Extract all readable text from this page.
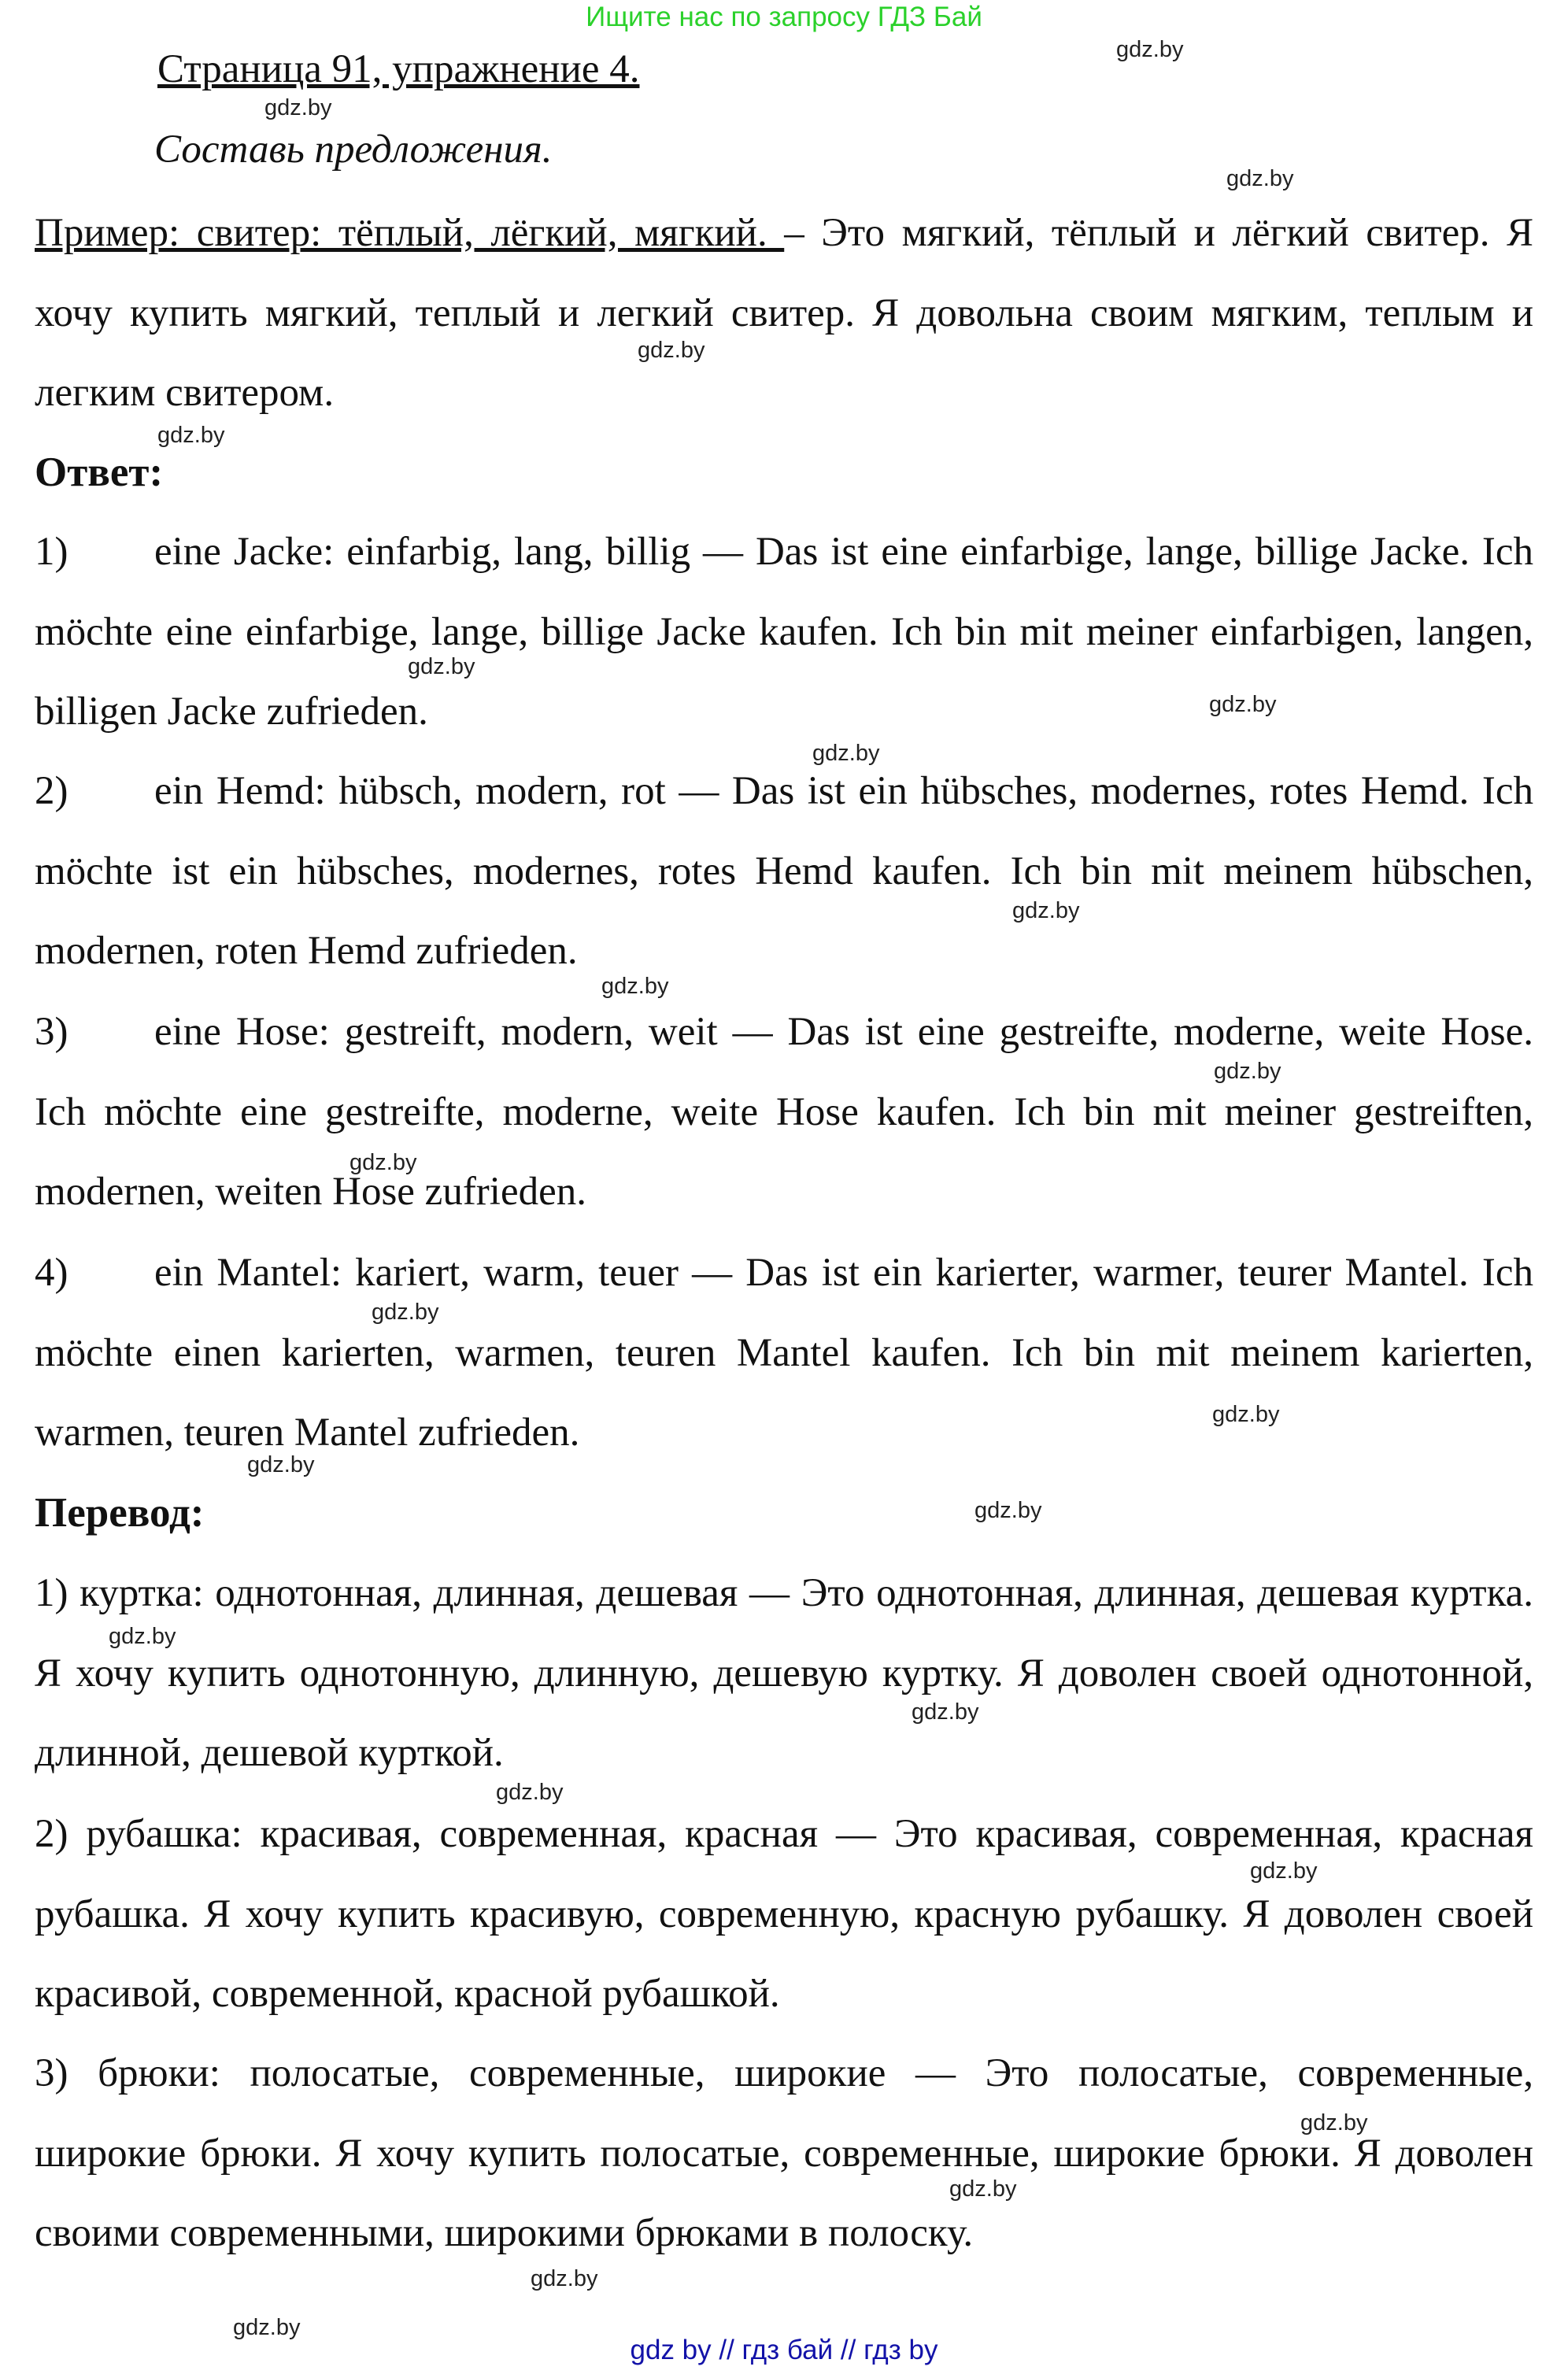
Ищите нас по запросу ГДЗ Бай
Страница 91, упражнение 4.
Составь предложения.
Пример: свитер: тёплый, лёгкий, мягкий. – Это мягкий, тёплый и лёгкий свитер. Я хочу купить мягкий, теплый и легкий свитер. Я довольна своим мягким, теплым и легким свитером.
Ответ:
1) eine Jacke: einfarbig, lang, billig — Das ist eine einfarbige, lange, billige Jacke. Ich möchte eine einfarbige, lange, billige Jacke kaufen. Ich bin mit meiner einfarbigen, langen, billigen Jacke zufrieden.
2) ein Hemd: hübsch, modern, rot — Das ist ein hübsches, modernes, rotes Hemd. Ich möchte ist ein hübsches, modernes, rotes Hemd kaufen. Ich bin mit meinem hübschen, modernen, roten Hemd zufrieden.
3) eine Hose: gestreift, modern, weit — Das ist eine gestreifte, moderne, weite Hose. Ich möchte eine gestreifte, moderne, weite Hose kaufen. Ich bin mit meiner gestreiften, modernen, weiten Hose zufrieden.
4) ein Mantel: kariert, warm, teuer — Das ist ein karierter, warmer, teurer Mantel. Ich möchte einen karierten, warmen, teuren Mantel kaufen. Ich bin mit meinem karierten, warmen, teuren Mantel zufrieden.
Перевод:
1) куртка: однотонная, длинная, дешевая — Это однотонная, длинная, дешевая куртка. Я хочу купить однотонную, длинную, дешевую куртку. Я доволен своей однотонной, длинной, дешевой курткой.
2) рубашка: красивая, современная, красная — Это красивая, современная, красная рубашка. Я хочу купить красивую, современную, красную рубашку. Я доволен своей красивой, современной, красной рубашкой.
3) брюки: полосатые, современные, широкие — Это полосатые, современные, широкие брюки. Я хочу купить полосатые, современные, широкие брюки. Я доволен своими современными, широкими брюками в полоску.
gdz.by
gdz.by
gdz.by
gdz.by
gdz.by
gdz.by
gdz.by
gdz.by
gdz.by
gdz.by
gdz.by
gdz.by
gdz.by
gdz.by
gdz.by
gdz.by
gdz.by
gdz.by
gdz.by
gdz.by
gdz.by
gdz.by
gdz.by
gdz.by
gdz by // гдз бай // гдз by
